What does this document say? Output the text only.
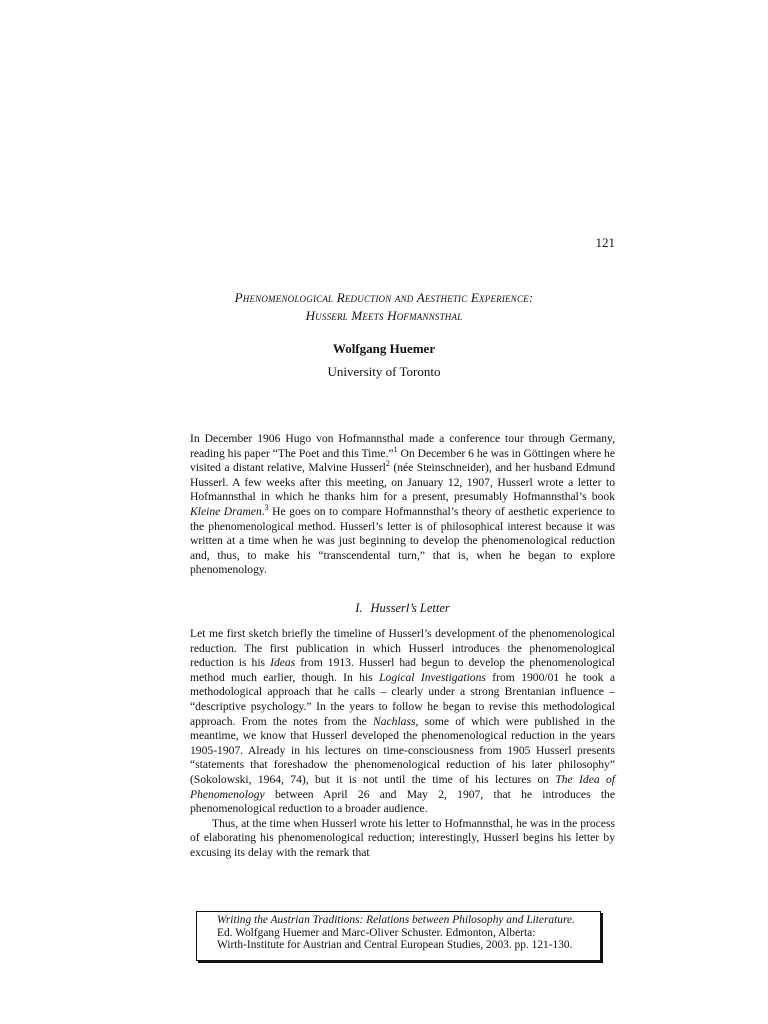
121
Phenomenological Reduction and Aesthetic Experience:
Husserl Meets Hofmannsthal
Wolfgang Huemer
University of Toronto

In December 1906 Hugo von Hofmannsthal made a conference tour through Germany, reading his paper “The Poet and this Time.”$^1$ On December 6 he was in Göttingen where he visited a distant relative, Malvine Husserl$^2$ (née Steinschneider), and her husband Edmund Husserl. A few weeks after this meeting, on January 12, 1907, Husserl wrote a letter to Hofmannsthal in which he thanks him for a present, presumably Hofmannsthal’s book Kleine Dramen.$^3$ He goes on to compare Hofmannsthal’s theory of aesthetic experience to the phenomenological method. Husserl’s letter is of philosophical interest because it was written at a time when he was just beginning to develop the phenomenological reduction and, thus, to make his “transcendental turn,” that is, when he began to explore phenomenology.

I. Husserl’s Letter

Let me first sketch briefly the timeline of Husserl’s development of the phenomenological reduction. The first publication in which Husserl introduces the phenomenological reduction is his Ideas from 1913. Husserl had begun to develop the phenomenological method much earlier, though. In his Logical Investigations from 1900/01 he took a methodological approach that he calls – clearly under a strong Brentanian influence – “descriptive psychology.” In the years to follow he began to revise this methodological approach. From the notes from the Nachlass, some of which were published in the meantime, we know that Husserl developed the phenomenological reduction in the years 1905-1907. Already in his lectures on time-consciousness from 1905 Husserl presents “statements that foreshadow the phenomenological reduction of his later philosophy” (Sokolowski, 1964, 74), but it is not until the time of his lectures on The Idea of Phenomenology between April 26 and May 2, 1907, that he introduces the phenomenological reduction to a broader audience.

Thus, at the time when Husserl wrote his letter to Hofmannsthal, he was in the process of elaborating his phenomenological reduction; interestingly, Husserl begins his letter by excusing its delay with the remark that

Writing the Austrian Traditions: Relations between Philosophy and Literature.
Ed. Wolfgang Huemer and Marc-Oliver Schuster. Edmonton, Alberta:
Wirth-Institute for Austrian and Central European Studies, 2003. pp. 121-130.
